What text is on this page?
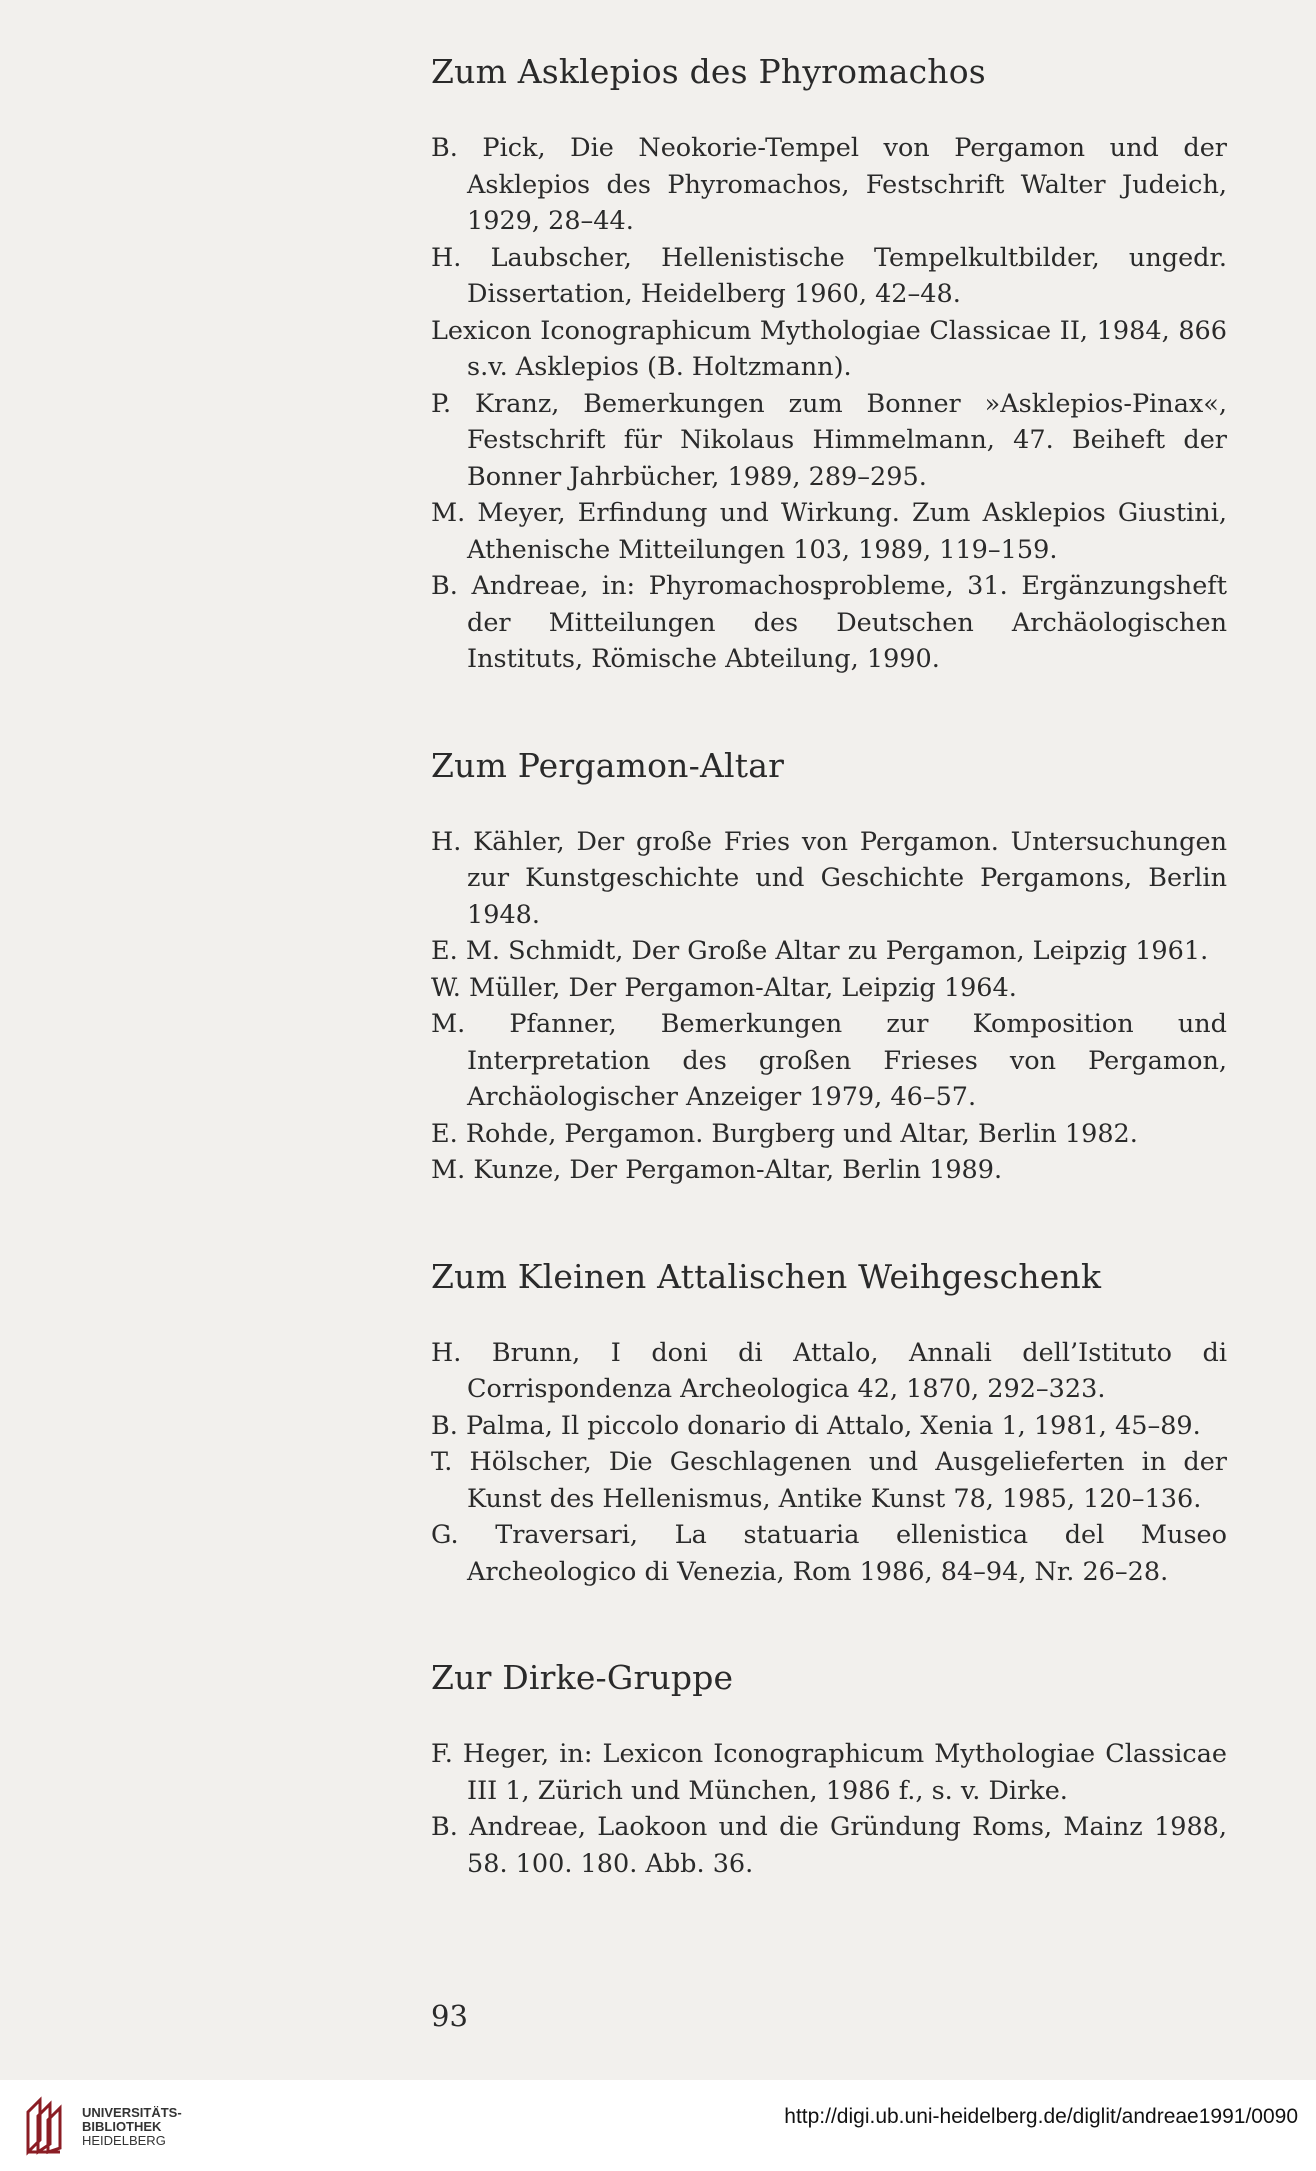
Zum Asklepios des Phyromachos
B. Pick, Die Neokorie-Tempel von Pergamon und der Asklepios des Phyromachos, Festschrift Walter Judeich, 1929, 28–44.
H. Laubscher, Hellenistische Tempelkultbilder, ungedr. Dissertation, Heidelberg 1960, 42–48.
Lexicon Iconographicum Mythologiae Classicae II, 1984, 866 s.v. Asklepios (B. Holtzmann).
P. Kranz, Bemerkungen zum Bonner »Asklepios-Pinax«, Festschrift für Nikolaus Himmelmann, 47. Beiheft der Bonner Jahrbücher, 1989, 289–295.
M. Meyer, Erfindung und Wirkung. Zum Asklepios Giustini, Athenische Mitteilungen 103, 1989, 119–159.
B. Andreae, in: Phyromachosprobleme, 31. Ergänzungsheft der Mitteilungen des Deutschen Archäologischen Instituts, Römische Abteilung, 1990.
Zum Pergamon-Altar
H. Kähler, Der große Fries von Pergamon. Untersuchungen zur Kunstgeschichte und Geschichte Pergamons, Berlin 1948.
E. M. Schmidt, Der Große Altar zu Pergamon, Leipzig 1961.
W. Müller, Der Pergamon-Altar, Leipzig 1964.
M. Pfanner, Bemerkungen zur Komposition und Interpretation des großen Frieses von Pergamon, Archäologischer Anzeiger 1979, 46–57.
E. Rohde, Pergamon. Burgberg und Altar, Berlin 1982.
M. Kunze, Der Pergamon-Altar, Berlin 1989.
Zum Kleinen Attalischen Weihgeschenk
H. Brunn, I doni di Attalo, Annali dell’Istituto di Corrispondenza Archeologica 42, 1870, 292–323.
B. Palma, Il piccolo donario di Attalo, Xenia 1, 1981, 45–89.
T. Hölscher, Die Geschlagenen und Ausgelieferten in der Kunst des Hellenismus, Antike Kunst 78, 1985, 120–136.
G. Traversari, La statuaria ellenistica del Museo Archeologico di Venezia, Rom 1986, 84–94, Nr. 26–28.
Zur Dirke-Gruppe
F. Heger, in: Lexicon Iconographicum Mythologiae Classicae III 1, Zürich und München, 1986 f., s. v. Dirke.
B. Andreae, Laokoon und die Gründung Roms, Mainz 1988, 58. 100. 180. Abb. 36.
93
UNIVERSITÄTS-
BIBLIOTHEK
HEIDELBERG
http://digi.ub.uni-heidelberg.de/diglit/andreae1991/0090
